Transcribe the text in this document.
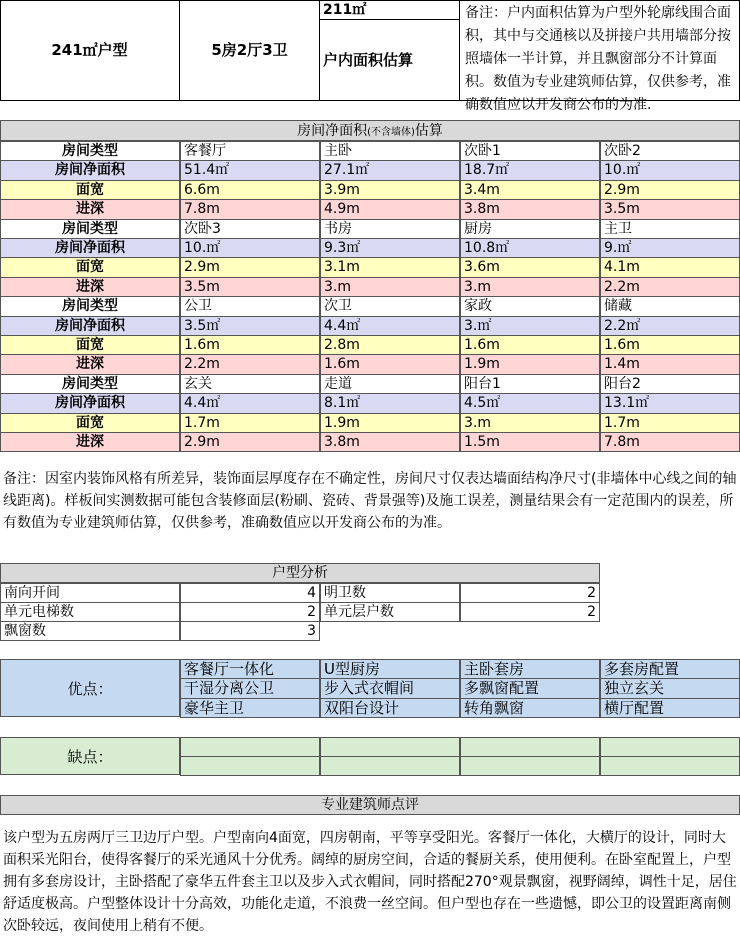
241㎡户型	5房2厅3卫
211㎡
户内面积估算
备注：户内面积估算为户型外轮廓线围合面积，其中与交通核以及拼接户共用墙部分按照墙体一半计算，并且飘窗部分不计算面积。数值为专业建筑师估算，仅供参考，准确数值应以开发商公布的为准.
房间净面积(不含墙体)估算
房间类型	客餐厅	主卧	次卧1	次卧2
房间净面积	51.4㎡	27.1㎡	18.7㎡	10.㎡
面宽	6.6m	3.9m	3.4m	2.9m
进深	7.8m	4.9m	3.8m	3.5m
房间类型	次卧3	书房	厨房	主卫
房间净面积	10.㎡	9.3㎡	10.8㎡	9.㎡
面宽	2.9m	3.1m	3.6m	4.1m
进深	3.5m	3.m	3.m	2.2m
房间类型	公卫	次卫	家政	储藏
房间净面积	3.5㎡	4.4㎡	3.㎡	2.2㎡
面宽	1.6m	2.8m	1.6m	1.6m
进深	2.2m	1.6m	1.9m	1.4m
房间类型	玄关	走道	阳台1	阳台2
房间净面积	4.4㎡	8.1㎡	4.5㎡	13.1㎡
面宽	1.7m	1.9m	3.m	1.7m
进深	2.9m	3.8m	1.5m	7.8m
备注：因室内装饰风格有所差异，装饰面层厚度存在不确定性，房间尺寸仅表达墙面结构净尺寸(非墙体中心线之间的轴线距离)。样板间实测数据可能包含装修面层(粉刷、瓷砖、背景强等)及施工误差，测量结果会有一定范围内的误差，所有数值为专业建筑师估算，仅供参考，准确数值应以开发商公布的为准。
户型分析
南向开间	4 明卫数	2
单元电梯数	2 单元层户数	2
飘窗数	3
优点：
客餐厅一体化	U型厨房	主卧套房	多套房配置
干湿分离公卫	步入式衣帽间	多飘窗配置	独立玄关
豪华主卫	双阳台设计	转角飘窗	横厅配置
缺点：
专业建筑师点评
该户型为五房两厅三卫边厅户型。户型南向4面宽，四房朝南，平等享受阳光。客餐厅一体化，大横厅的设计，同时大面积采光阳台，使得客餐厅的采光通风十分优秀。阔绰的厨房空间，合适的餐厨关系，使用便利。在卧室配置上，户型拥有多套房设计，主卧搭配了豪华五件套主卫以及步入式衣帽间，同时搭配270°观景飘窗，视野阔绰，调性十足，居住舒适度极高。户型整体设计十分高效，功能化走道，不浪费一丝空间。但户型也存在一些遗憾，即公卫的设置距离南侧次卧较远，夜间使用上稍有不便。
